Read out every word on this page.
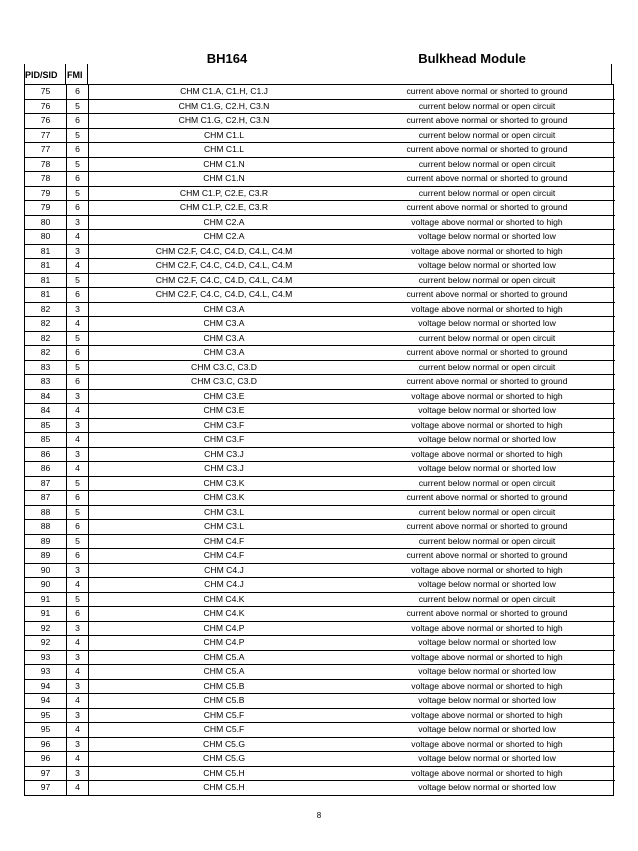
BH164	Bulkhead Module
PID/SID	FMI
75	6	CHM C1.A, C1.H, C1.J	current above normal or shorted to ground
76	5	CHM C1.G, C2.H, C3.N	current below normal or open circuit
76	6	CHM C1.G, C2.H, C3.N	current above normal or shorted to ground
77	5	CHM C1.L	current below normal or open circuit
77	6	CHM C1.L	current above normal or shorted to ground
78	5	CHM C1.N	current below normal or open circuit
78	6	CHM C1.N	current above normal or shorted to ground
79	5	CHM C1.P, C2.E, C3.R	current below normal or open circuit
79	6	CHM C1.P, C2.E, C3.R	current above normal or shorted to ground
80	3	CHM C2.A	voltage above normal or shorted to high
80	4	CHM C2.A	voltage below normal or shorted low
81	3	CHM C2.F, C4.C, C4.D, C4.L, C4.M	voltage above normal or shorted to high
81	4	CHM C2.F, C4.C, C4.D, C4.L, C4.M	voltage below normal or shorted low
81	5	CHM C2.F, C4.C, C4.D, C4.L, C4.M	current below normal or open circuit
81	6	CHM C2.F, C4.C, C4.D, C4.L, C4.M	current above normal or shorted to ground
82	3	CHM C3.A	voltage above normal or shorted to high
82	4	CHM C3.A	voltage below normal or shorted low
82	5	CHM C3.A	current below normal or open circuit
82	6	CHM C3.A	current above normal or shorted to ground
83	5	CHM C3.C, C3.D	current below normal or open circuit
83	6	CHM C3.C, C3.D	current above normal or shorted to ground
84	3	CHM C3.E	voltage above normal or shorted to high
84	4	CHM C3.E	voltage below normal or shorted low
85	3	CHM C3.F	voltage above normal or shorted to high
85	4	CHM C3.F	voltage below normal or shorted low
86	3	CHM C3.J	voltage above normal or shorted to high
86	4	CHM C3.J	voltage below normal or shorted low
87	5	CHM C3.K	current below normal or open circuit
87	6	CHM C3.K	current above normal or shorted to ground
88	5	CHM C3.L	current below normal or open circuit
88	6	CHM C3.L	current above normal or shorted to ground
89	5	CHM C4.F	current below normal or open circuit
89	6	CHM C4.F	current above normal or shorted to ground
90	3	CHM C4.J	voltage above normal or shorted to high
90	4	CHM C4.J	voltage below normal or shorted low
91	5	CHM C4.K	current below normal or open circuit
91	6	CHM C4.K	current above normal or shorted to ground
92	3	CHM C4.P	voltage above normal or shorted to high
92	4	CHM C4.P	voltage below normal or shorted low
93	3	CHM C5.A	voltage above normal or shorted to high
93	4	CHM C5.A	voltage below normal or shorted low
94	3	CHM C5.B	voltage above normal or shorted to high
94	4	CHM C5.B	voltage below normal or shorted low
95	3	CHM C5.F	voltage above normal or shorted to high
95	4	CHM C5.F	voltage below normal or shorted low
96	3	CHM C5.G	voltage above normal or shorted to high
96	4	CHM C5.G	voltage below normal or shorted low
97	3	CHM C5.H	voltage above normal or shorted to high
97	4	CHM C5.H	voltage below normal or shorted low
8
